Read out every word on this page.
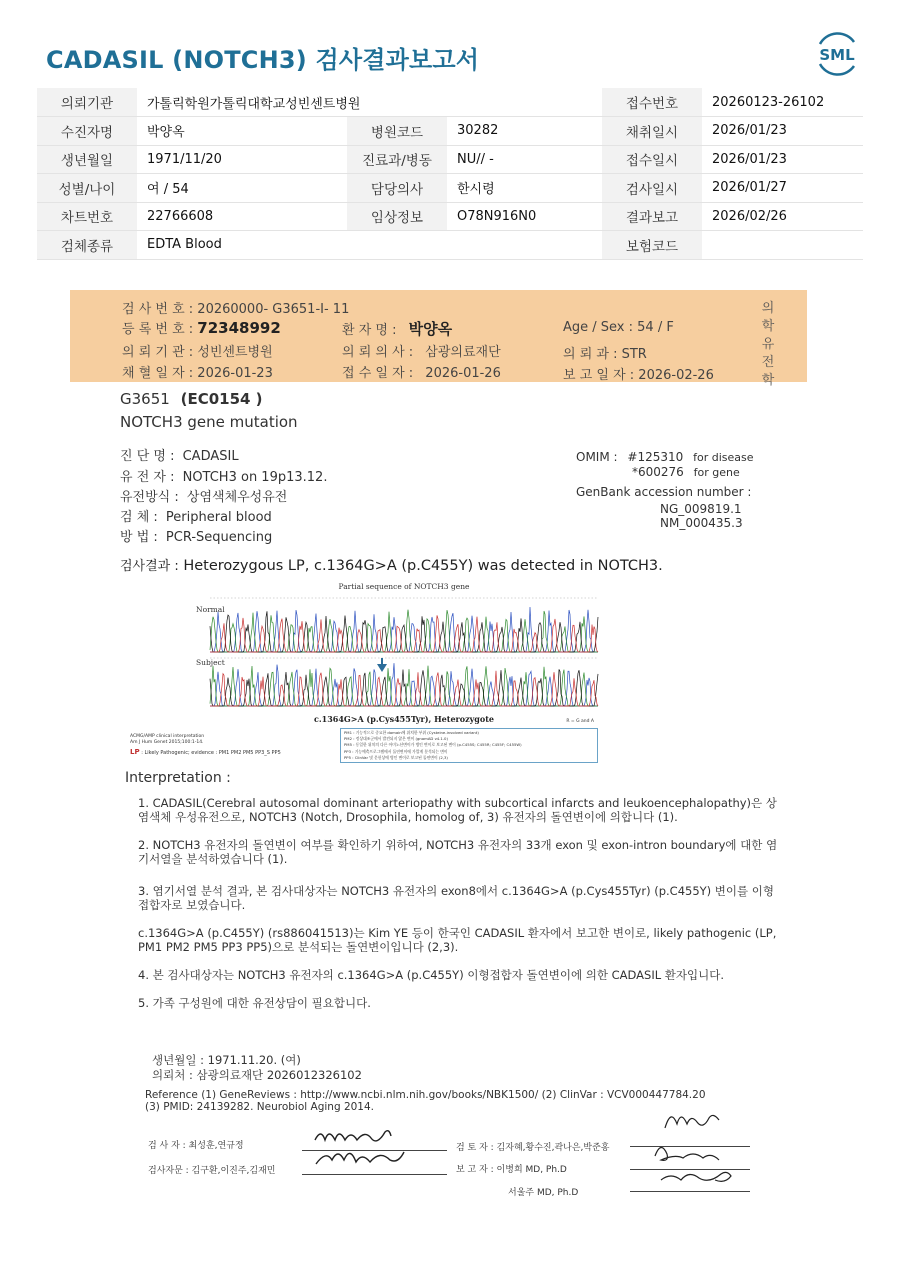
CADASIL (NOTCH3) 검사결과보고서	SML
의뢰기관	가톨릭학원가톨릭대학교성빈센트병원			접수번호	20260123-26102
수진자명	박양옥	병원코드	30282	채취일시	2026/01/23
생년월일	1971/11/20	진료과/병동	NU// -	접수일시	2026/01/23
성별/나이	여 / 54	담당의사	한시령	검사일시	2026/01/27
차트번호	22766608	임상정보	O78N916N0	결과보고	2026/02/26
검체종류	EDTA Blood			보험코드	
검 사 번 호 : 20260000- G3651-I- 11
등 록 번 호 : 72348992	환 자 명 : 박양옥	Age / Sex : 54 / F
의 뢰 기 관 : 성빈센트병원	의 뢰 의 사 : 삼광의료재단	의 뢰 과 : STR
채 혈 일 자 : 2026-01-23	접 수 일 자 : 2026-01-26	보 고 일 자 : 2026-02-26
의
학
유
전
학
G3651 (EC0154 )
NOTCH3 gene mutation
진 단 명 : CADASIL
유 전 자 : NOTCH3 on 19p13.12.
유전방식 : 상염색체우성유전
검 체 : Peripheral blood
방 법 : PCR-Sequencing
OMIM : #125310 for disease
*600276 for gene
GenBank accession number :
NG_009819.1
NM_000435.3
검사결과 : Heterozygous LP, c.1364G>A (p.C455Y) was detected in NOTCH3.
Partial sequence of NOTCH3 gene
Normal
Subject
c.1364G>A (p.Cys455Tyr), Heterozygote	R = G and A
ACMG/AMP clinical interpretation
Am J Hum Genet 2015;100:1-14.
LP : Likely Pathogenic; evidence : PM1 PM2 PM5 PP3_S PP5
PM1 : 기능적으로 중요한 domain에 위치한 부위 (Cysteine-involved variant)
PM2 : 정상대조군에서 발견되지 않은 변이 (gnomAD v4.1.0)
PM5 : 동일한 위치의 다른 아미노산변이가 병인 변이로 보고된 변이 (p.C455S; C455R; C455F; C455W)
PP3 : 기능예측프로그램에서 돌연변이에 가깝게 분석되는 변이
PP5 : ClinVar 및 문헌상에 병인 변이로 보고된 돌연변이 (2,3)
Interpretation :

1. CADASIL(Cerebral autosomal dominant arteriopathy with subcortical infarcts and leukoencephalopathy)은 상염색체 우성유전으로, NOTCH3 (Notch, Drosophila, homolog of, 3) 유전자의 돌연변이에 의합니다 (1).

2. NOTCH3 유전자의 돌연변이 여부를 확인하기 위하여, NOTCH3 유전자의 33개 exon 및 exon-intron boundary에 대한 염기서열을 분석하였습니다 (1).

3. 염기서열 분석 결과, 본 검사대상자는 NOTCH3 유전자의 exon8에서 c.1364G>A (p.Cys455Tyr) (p.C455Y) 변이를 이형접합자로 보였습니다.

c.1364G>A (p.C455Y) (rs886041513)는 Kim YE 등이 한국인 CADASIL 환자에서 보고한 변이로, likely pathogenic (LP, PM1 PM2 PM5 PP3 PP5)으로 분석되는 돌연변이입니다 (2,3).

4. 본 검사대상자는 NOTCH3 유전자의 c.1364G>A (p.C455Y) 이형접합자 돌연변이에 의한 CADASIL 환자입니다.

5. 가족 구성원에 대한 유전상담이 필요합니다.

생년월일 : 1971.11.20. (여)
의뢰처 : 삼광의료재단 2026012326102
Reference (1) GeneReviews : http://www.ncbi.nlm.nih.gov/books/NBK1500/ (2) ClinVar : VCV000447784.20
(3) PMID: 24139282. Neurobiol Aging 2014.
검 사 자 : 최성훈,연규정
검사자문 : 김구환,이진주,김재민
검 토 자 : 김자혜,황수진,곽나은,박준홍
보 고 자 : 이병희 MD, Ph.D
서울주 MD, Ph.D
